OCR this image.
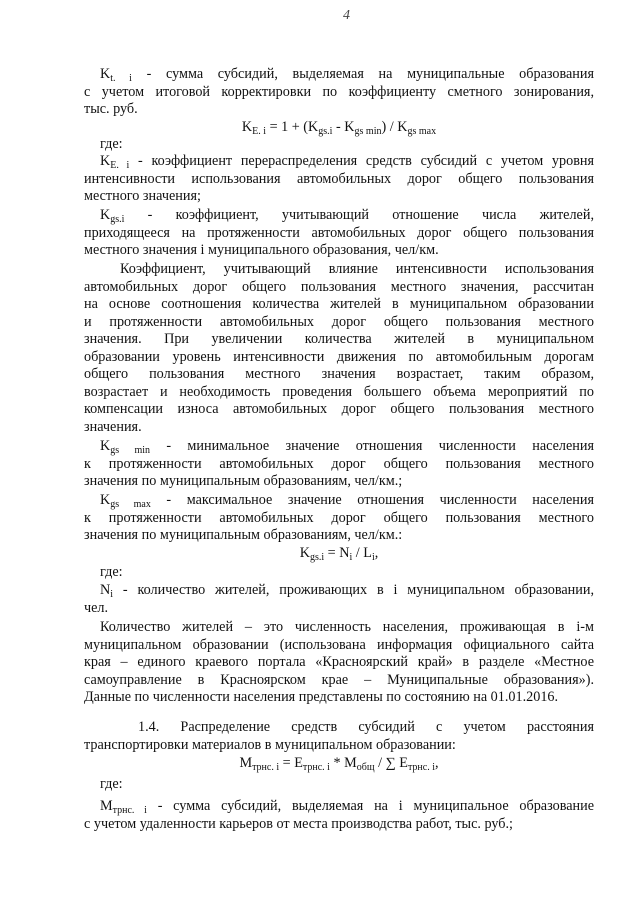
4
$K_{t. i}$ - сумма субсидий, выделяемая на муниципальные образования
с учетом итоговой корректировки по коэффициенту сметного зонирования,
тыс. руб.
$K_{E. i} = 1 + (K_{gs.i} - K_{gs min}) / K_{gs max}$
где:
$K_{E. i}$ - коэффициент перераспределения средств субсидий с учетом уровня
интенсивности использования автомобильных дорог общего пользования
местного значения;
$K_{gs.i}$ - коэффициент, учитывающий отношение числа жителей,
приходящееся на протяженности автомобильных дорог общего пользования
местного значения i муниципального образования, чел/км.
Коэффициент, учитывающий влияние интенсивности использования
автомобильных дорог общего пользования местного значения, рассчитан
на основе соотношения количества жителей в муниципальном образовании
и протяженности автомобильных дорог общего пользования местного
значения. При увеличении количества жителей в муниципальном
образовании уровень интенсивности движения по автомобильным дорогам
общего пользования местного значения возрастает, таким образом,
возрастает и необходимость проведения большего объема мероприятий по
компенсации износа автомобильных дорог общего пользования местного
значения.
$K_{gs min}$ - минимальное значение отношения численности населения
к протяженности автомобильных дорог общего пользования местного
значения по муниципальным образованиям, чел/км.;
$K_{gs max}$ - максимальное значение отношения численности населения
к протяженности автомобильных дорог общего пользования местного
значения по муниципальным образованиям, чел/км.:
$K_{gs.i} = N_i / L_i$,
где:
$N_i$ - количество жителей, проживающих в i муниципальном образовании,
чел.
Количество жителей – это численность населения, проживающая в i-м
муниципальном образовании (использована информация официального сайта
края – единого краевого портала «Красноярский край» в разделе «Местное
самоуправление в Красноярском крае – Муниципальные образования»).
Данные по численности населения представлены по состоянию на 01.01.2016.
1.4. Распределение средств субсидий с учетом расстояния
транспортировки материалов в муниципальном образовании:
$M_{трнс. i} = E_{трнс. i} * M_{общ}$ / ∑ $E_{трнс. i}$,
где:
$M_{трнс. i}$ - сумма субсидий, выделяемая на i муниципальное образование
с учетом удаленности карьеров от места производства работ, тыс. руб.;
